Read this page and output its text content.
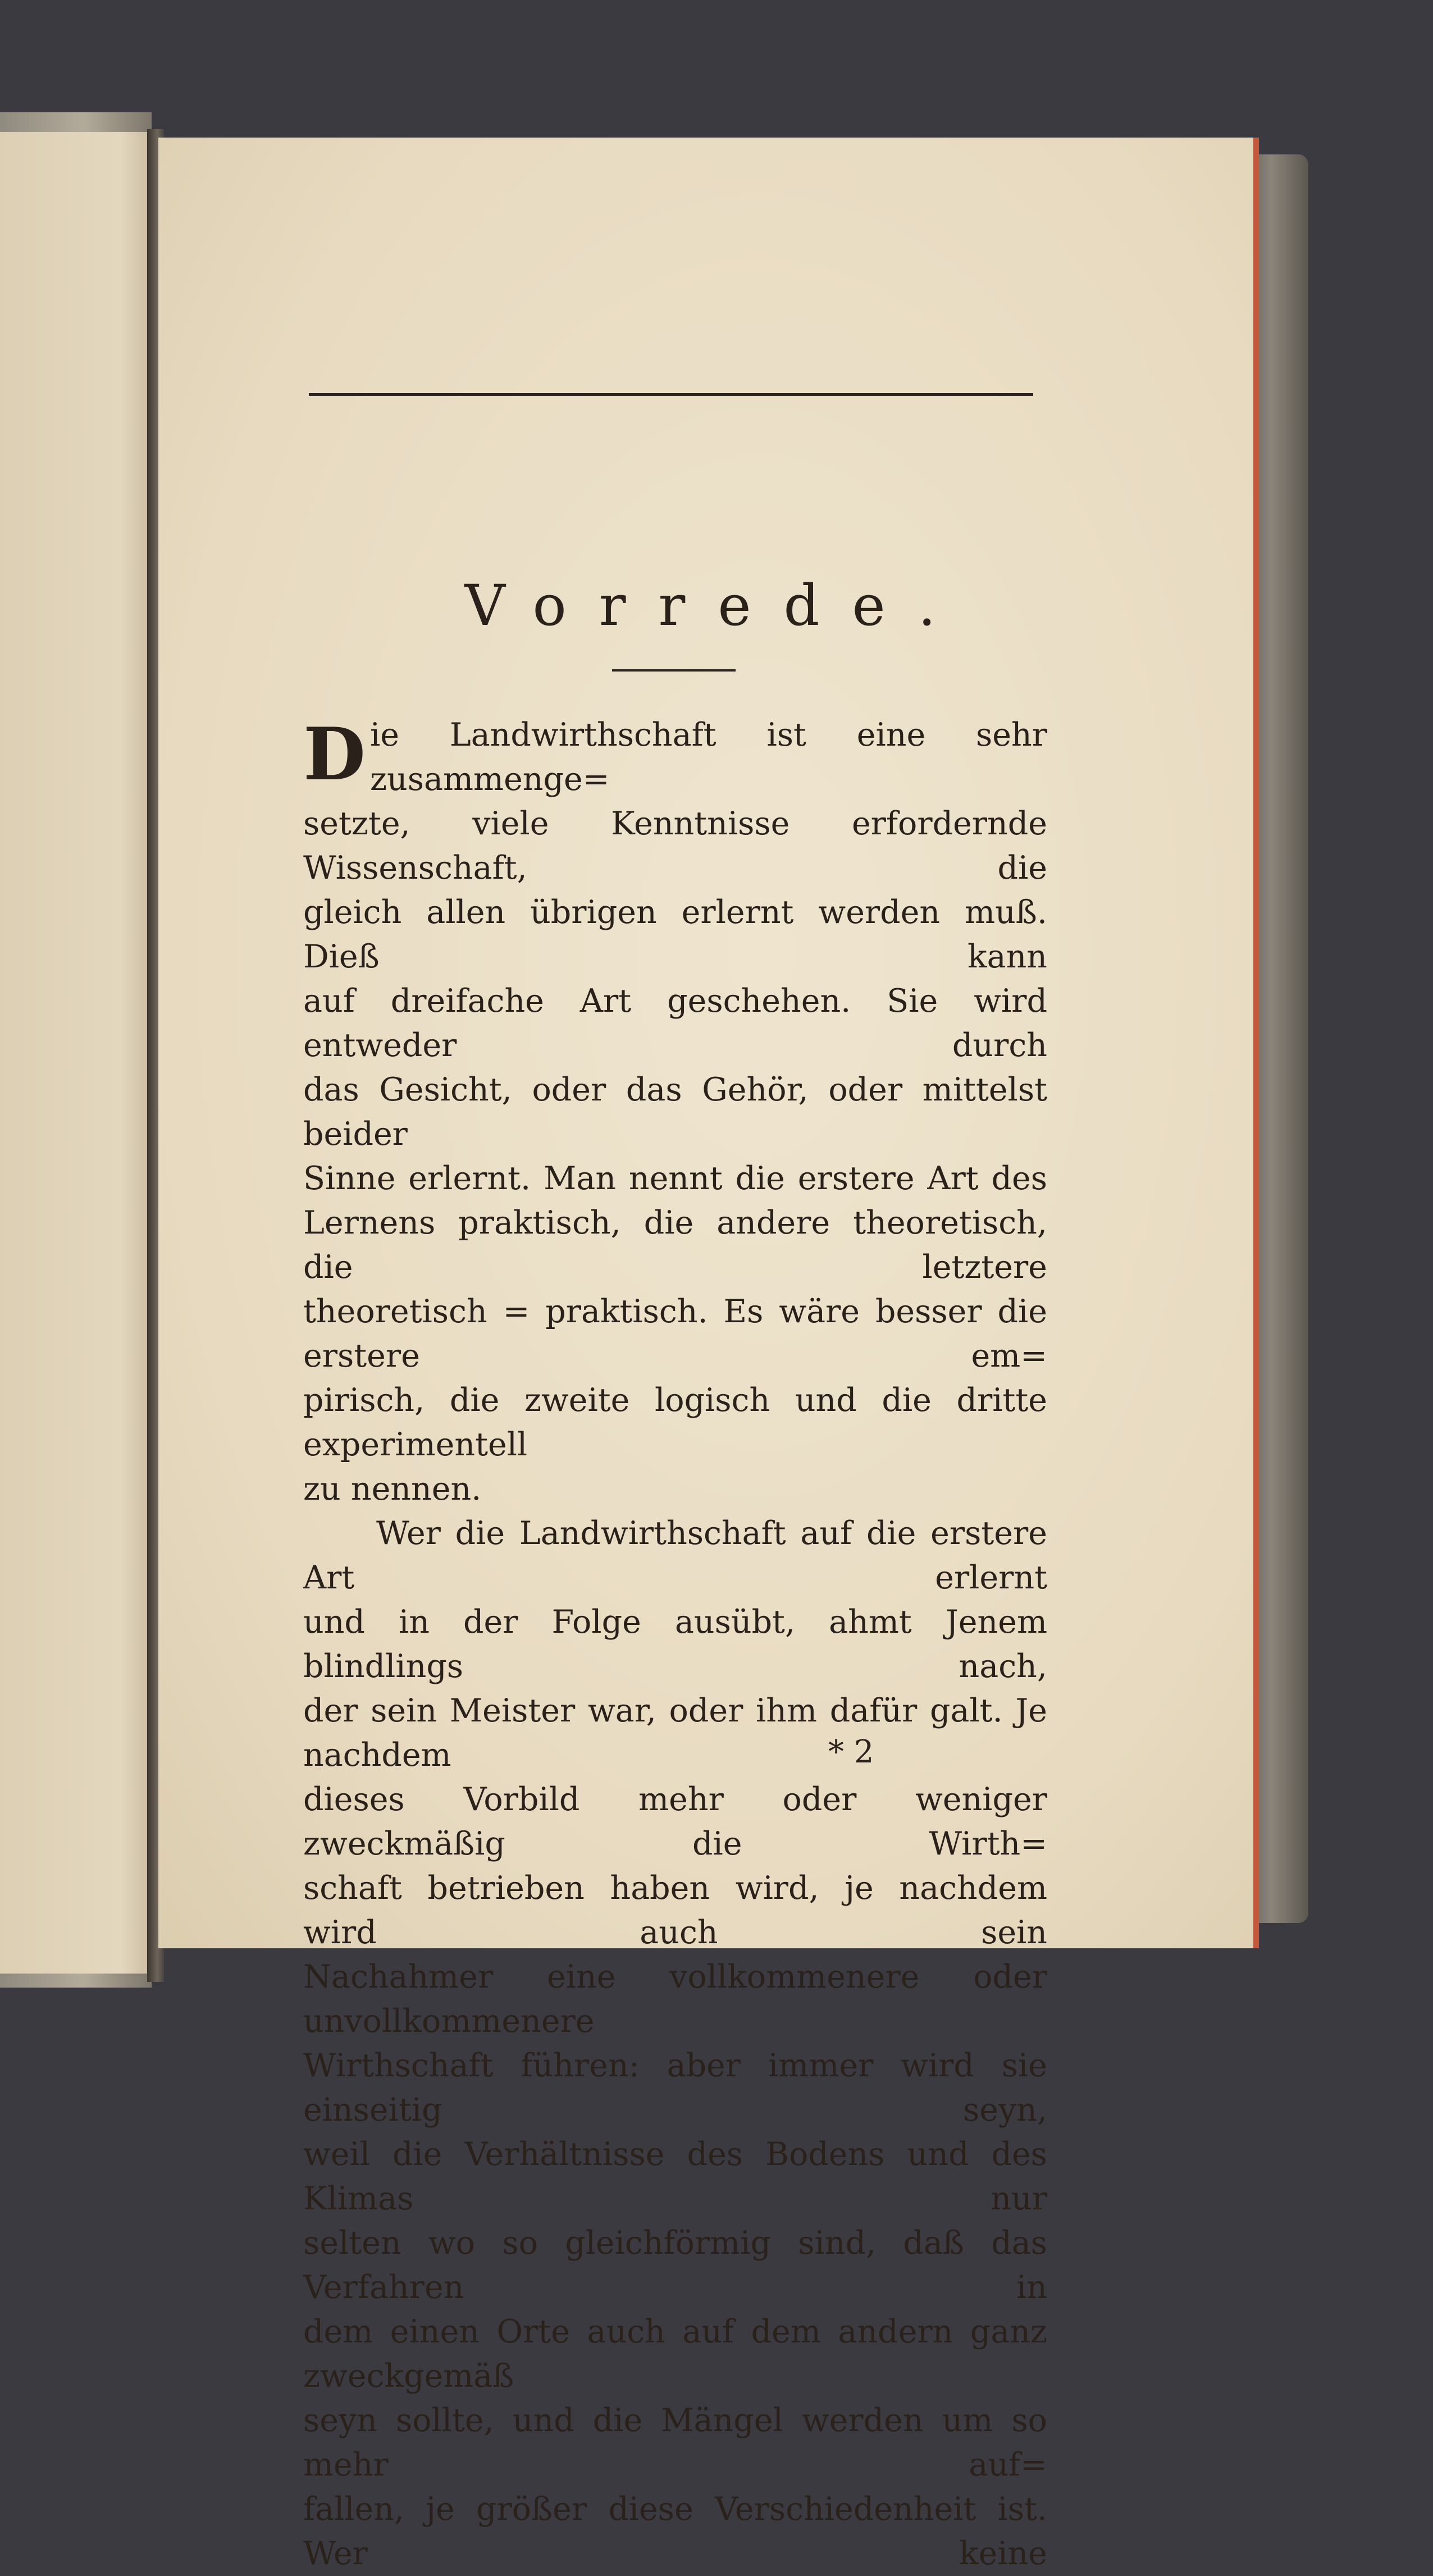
Vorrede.

Die Landwirthschaft ist eine sehr zusammenge=

setzte, viele Kenntnisse erfordernde Wissenschaft, die

gleich allen übrigen erlernt werden muß. Dieß kann

auf dreifache Art geschehen. Sie wird entweder durch

das Gesicht, oder das Gehör, oder mittelst beider

Sinne erlernt. Man nennt die erstere Art des

Lernens praktisch, die andere theoretisch, die letztere

theoretisch = praktisch. Es wäre besser die erstere em=

pirisch, die zweite logisch und die dritte experimentell

zu nennen.

Wer die Landwirthschaft auf die erstere Art erlernt

und in der Folge ausübt, ahmt Jenem blindlings nach,

der sein Meister war, oder ihm dafür galt. Je nachdem

dieses Vorbild mehr oder weniger zweckmäßig die Wirth=

schaft betrieben haben wird, je nachdem wird auch sein

Nachahmer eine vollkommenere oder unvollkommenere

Wirthschaft führen: aber immer wird sie einseitig seyn,

weil die Verhältnisse des Bodens und des Klimas nur

selten wo so gleichförmig sind, daß das Verfahren in

dem einen Orte auch auf dem andern ganz zweckgemäß

seyn sollte, und die Mängel werden um so mehr auf=

fallen, je größer diese Verschiedenheit ist. Wer keine

* 2
